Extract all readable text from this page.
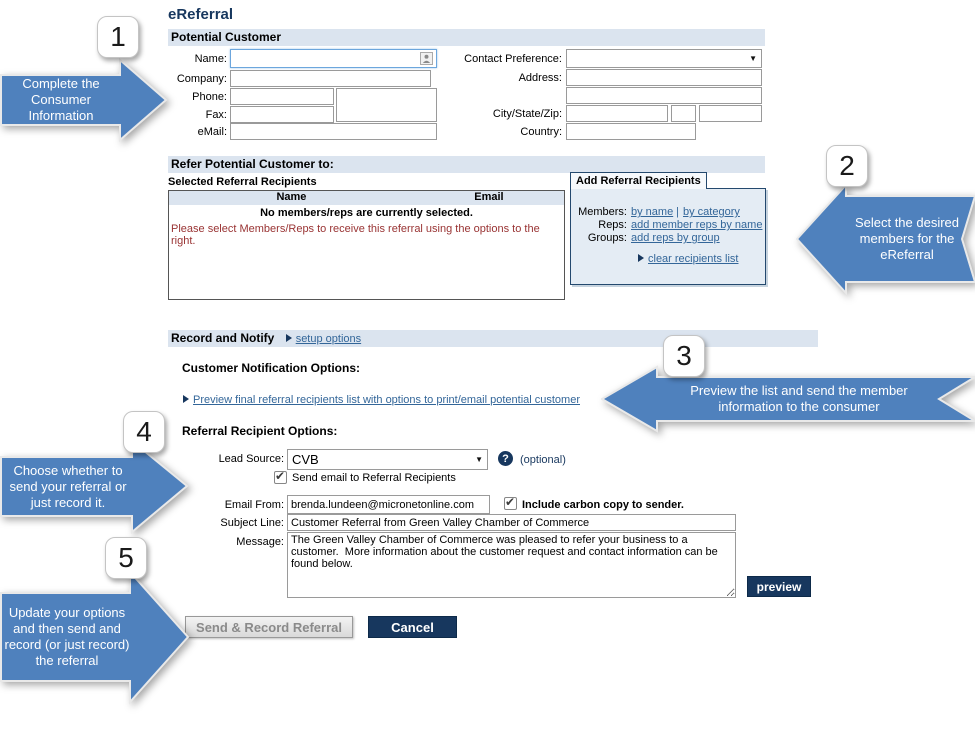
eReferral
Potential Customer
Name:
Company:
Phone:
Fax:
eMail:
Contact Preference:	▼
Address:
City/State/Zip:
Country:
Refer Potential Customer to:
Selected Referral Recipients
Name	Email
No members/reps are currently selected.
Please select Members/Reps to receive this referral using the options to the right.
Add Referral Recipients
Members: by name | by category
Reps: add member reps by name
Groups: add reps by group
clear recipients list
Record and Notify setup options
Customer Notification Options:
Preview final referral recipients list with options to print/email potential customer
Referral Recipient Options:
Lead Source: CVB	▼	?	(optional)
Send email to Referral Recipients
Email From:
brenda.lundeen@micronetonline.com	Include carbon copy to sender.
Subject Line:
Customer Referral from Green Valley Chamber of Commerce
Message:
The Green Valley Chamber of Commerce was pleased to refer your business to a customer. More information about the customer request and contact information can be found below.
preview
Send & Record Referral	Cancel
1
Complete the Consumer Information
2
Select the desired members for the eReferral
3
Preview the list and send the member information to the consumer
4
Choose whether to send your referral or just record it.
5
Update your options and then send and record (or just record) the referral
